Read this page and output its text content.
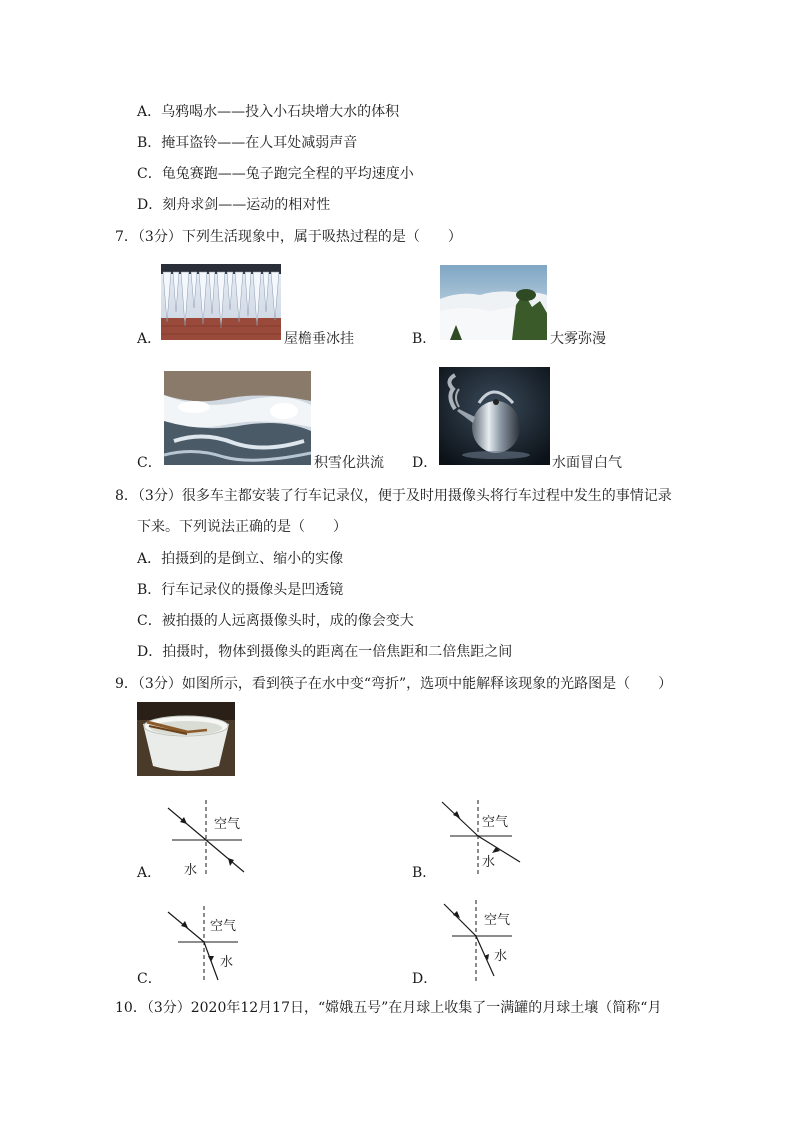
A．乌鸦喝水——投入小石块增大水的体积
B．掩耳盗铃——在人耳处减弱声音
C．龟兔赛跑——兔子跑完全程的平均速度小
D．刻舟求剑——运动的相对性
7．（3分）下列生活现象中，属于吸热过程的是（　　）
A．	屋檐垂冰挂	B．	大雾弥漫
C．	积雪化洪流 D．	水面冒白气
8．（3分）很多车主都安装了行车记录仪，便于及时用摄像头将行车过程中发生的事情记录
下来。下列说法正确的是（　　）
A．拍摄到的是倒立、缩小的实像
B．行车记录仪的摄像头是凹透镜
C．被拍摄的人远离摄像头时，成的像会变大
D．拍摄时，物体到摄像头的距离在一倍焦距和二倍焦距之间
9．（3分）如图所示，看到筷子在水中变“弯折”，选项中能解释该现象的光路图是（　　）
A．
空气
水	B．
空气
水
C．
空气
水
D．
空气
水
10．（3分）2020年12月17日，“嫦娥五号”在月球上收集了一满罐的月球土壤（简称“月
